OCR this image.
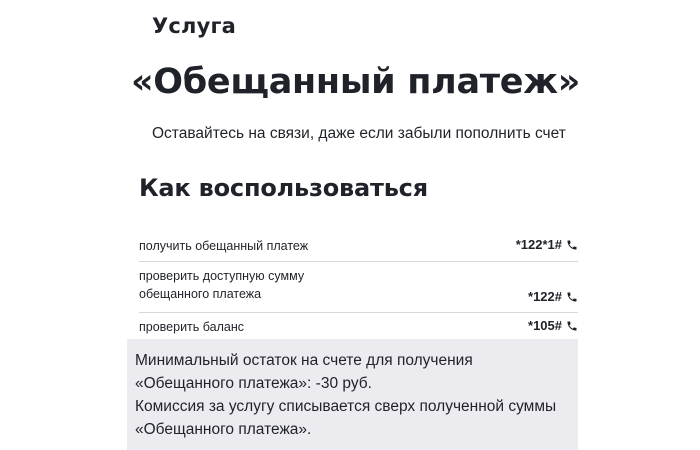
Услуга
«Обещанный платеж»
Оставайтесь на связи, даже если забыли пополнить счет
Как воспользоваться
получить обещанный платеж	*122*1#
проверить доступную сумму
обещанного платежа	*122#
проверить баланс	*105#

Минимальный остаток на счете для получения «Обещанного платежа»: -30 руб.

Комиссия за услугу списывается сверх полученной суммы «Обещанного платежа».
